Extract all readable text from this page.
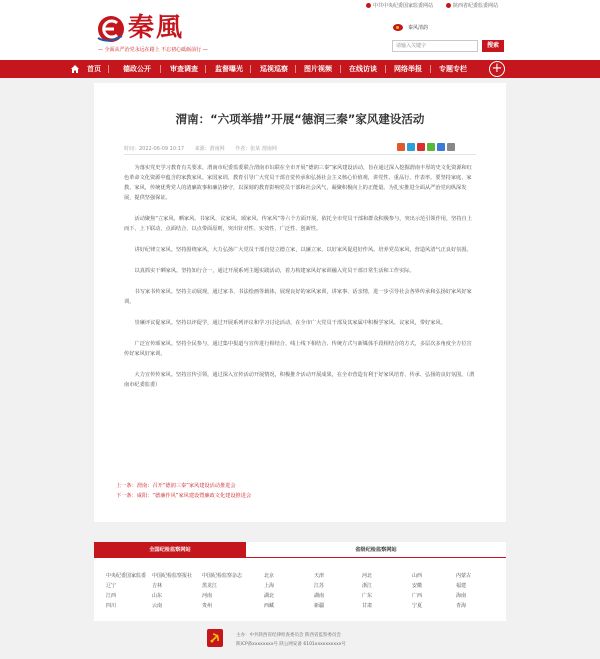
秦風
— 全面从严治党永远在路上 不忘初心砥砺前行 —
中共中央纪委国家监委网站	陕西省纪委监委网站
秦风清韵
请输入关键字	搜索
首页	德政公开	审查调查 监督曝光 巡视巡察 图片视频 在线访谈 网络举报 专题专栏 +
渭南：“六项举措”开展“德润三秦”家风建设活动
时间：2022-06-09 10:17 来源：渭南网 作者：张某 渭南网

为落实党史学习教育有关要求，渭南市纪委监委联合渭南市妇联在全市开展“德润三秦”家风建设活动，旨在通过深入挖掘渭南丰厚的史文化资源和红色革命文化资源中蕴含的家教家风、家国家训，教育引导广大党员干部自觉传承和弘扬社会主义核心价值观，讲党性、重品行、作表率。要坚持家庭、家教、家风，传统优秀党人的清廉故事和廉洁操守，以深刻的教育影响党员干部和社会风气，凝聚积极向上的正能量。为扎实推进全面从严治党向纵深发展，提供坚强保证。

活动聚焦“立家风、晒家风、书家风、议家风、颂家风、传家风”等六个方面开展，依托全市党员干部和群众积极参与，突出示范引领作用，坚持自上而下、上下联动，点面结合、以点带面原则，突出针对性、实效性、广泛性、创新性。

讲好纪律立家风。坚持围绕家风，大力弘扬广大党员干部自觉立德立家，以廉立家，以好家风促进好作风。培养党员家风，营造风清气正良好氛围。

以真抓实干晒家风。坚持知行合一，通过开展系列主题实践活动，着力构建家风好家训融入党员干部日常生活和工作实际。

书写家书传家风。坚持主动展现，通过家书、书法绘画等载体，展现良好的家风家训，讲家事、话亲情，进一步引导社会各界传承和弘扬好家风好家训。

崇廉评议促家风。坚持以评促学，通过开展系列评议和学习讨论活动，在全市广大党员干部及其家属中积极学家风、议家风，带好家风。

广泛宣传颂家风。坚持全民参与，通过集中报道与宣传进行相结合、线上线下相结合、传统方式与新媒体手段相结合的方式，多层次多角度全方位宣传好家风好家训。

大力宣传传家风。坚持宣传引领，通过深入宣传活动开展情况，积极推介活动开展成果，在全市营造有利于好家风培育、传承、弘扬的良好氛围。（渭南市纪委监委）

上一条：渭南：召开“德润三秦”家风建设活动推进会
下一条：咸阳：“德廉作风”家风建设暨廉政文化建设推进会
全国纪检监察网站	省级纪检监察网站
中央纪委国家监委 中国纪检监察报社 中国纪检监察杂志	北京	天津	河北	山西	内蒙古
辽宁	吉林	黑龙江	上海	江苏	浙江	安徽	福建
江西	山东	河南	湖北	湖南	广东	广西	海南
四川	云南	贵州	西藏	新疆	甘肃	宁夏	青海
主办：中共陕西省纪律检查委员会 陕西省监察委员会
陕ICP备xxxxxxxx号 陕公网安备 6101xxxxxxxxxx号
